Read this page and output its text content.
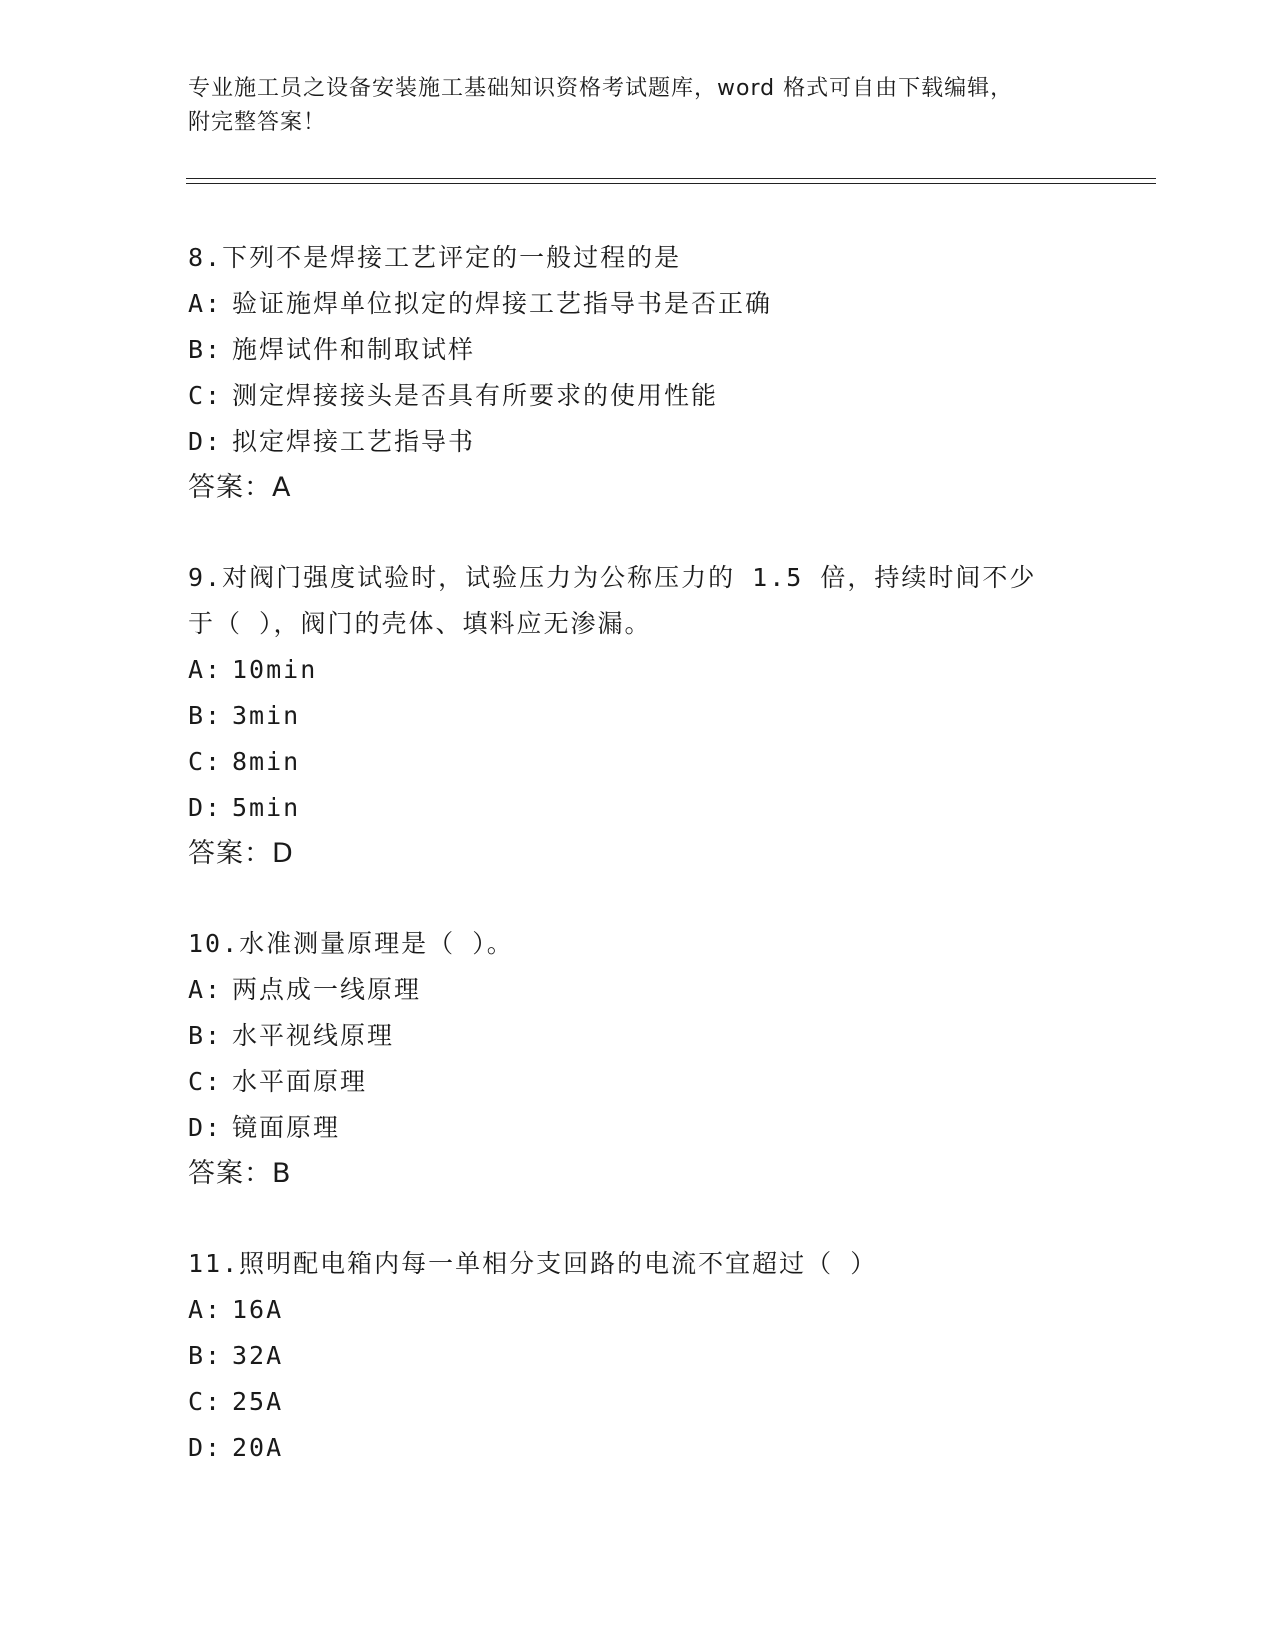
专业施工员之设备安装施工基础知识资格考试题库，word 格式可自由下载编辑，
附完整答案！
8.下列不是焊接工艺评定的一般过程的是
A: 验证施焊单位拟定的焊接工艺指导书是否正确
B: 施焊试件和制取试样
C: 测定焊接接头是否具有所要求的使用性能
D: 拟定焊接工艺指导书
答案：A
9.对阀门强度试验时，试验压力为公称压力的 1.5 倍，持续时间不少
于（ ），阀门的壳体、填料应无渗漏。
A: 10min
B: 3min
C: 8min
D: 5min
答案：D
10.水准测量原理是（ ）。
A: 两点成一线原理
B: 水平视线原理
C: 水平面原理
D: 镜面原理
答案：B
11.照明配电箱内每一单相分支回路的电流不宜超过（ ）
A: 16A
B: 32A
C: 25A
D: 20A
